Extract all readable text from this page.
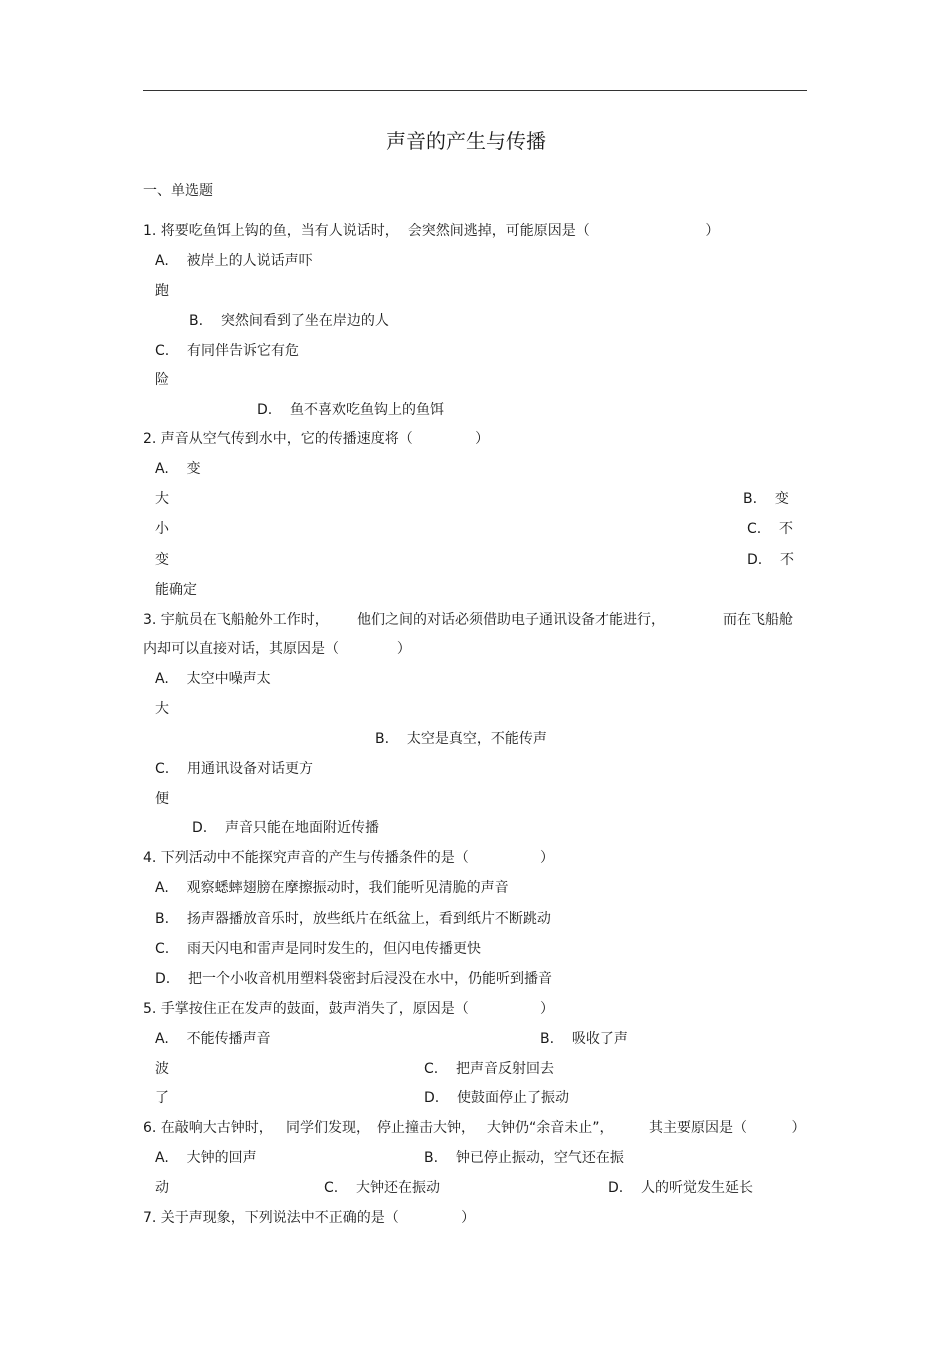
声音的产生与传播
一、单选题
1. 将要吃鱼饵上钩的鱼，当有人说话时，  会突然间逃掉，可能原因是（                          ）
A.    被岸上的人说话声吓
跑
B.    突然间看到了坐在岸边的人
C.    有同伴告诉它有危
险
D.    鱼不喜欢吃鱼钩上的鱼饵
2. 声音从空气传到水中，它的传播速度将（              ）
A.    变
大	B.    变
小	C.    不
变	D.    不
能确定
3. 宇航员在飞船舱外工作时， 他们之间的对话必须借助电子通讯设备才能进行，	而在飞船舱
内却可以直接对话，其原因是（             ）
A.    太空中噪声太
大
B.    太空是真空，不能传声
C.    用通讯设备对话更方
便
D.    声音只能在地面附近传播
4. 下列活动中不能探究声音的产生与传播条件的是（                ）
A.    观察蟋蟀翅膀在摩擦振动时，我们能听见清脆的声音
B.    扬声器播放音乐时，放些纸片在纸盆上，看到纸片不断跳动
C.    雨天闪电和雷声是同时发生的，但闪电传播更快
D.    把一个小收音机用塑料袋密封后浸没在水中，仍能听到播音
5. 手掌按住正在发声的鼓面，鼓声消失了，原因是（                ）
A.    不能传播声音	B.    吸收了声
波	C.    把声音反射回去
了	D.    使鼓面停止了振动
6. 在敲响大古钟时， 同学们发现， 停止撞击大钟， 大钟仍“余音未止”，	其主要原因是（          ）
A.    大钟的回声	B.    钟已停止振动，空气还在振
动	C.    大钟还在振动	D.    人的听觉发生延长
7. 关于声现象，下列说法中不正确的是（              ）
